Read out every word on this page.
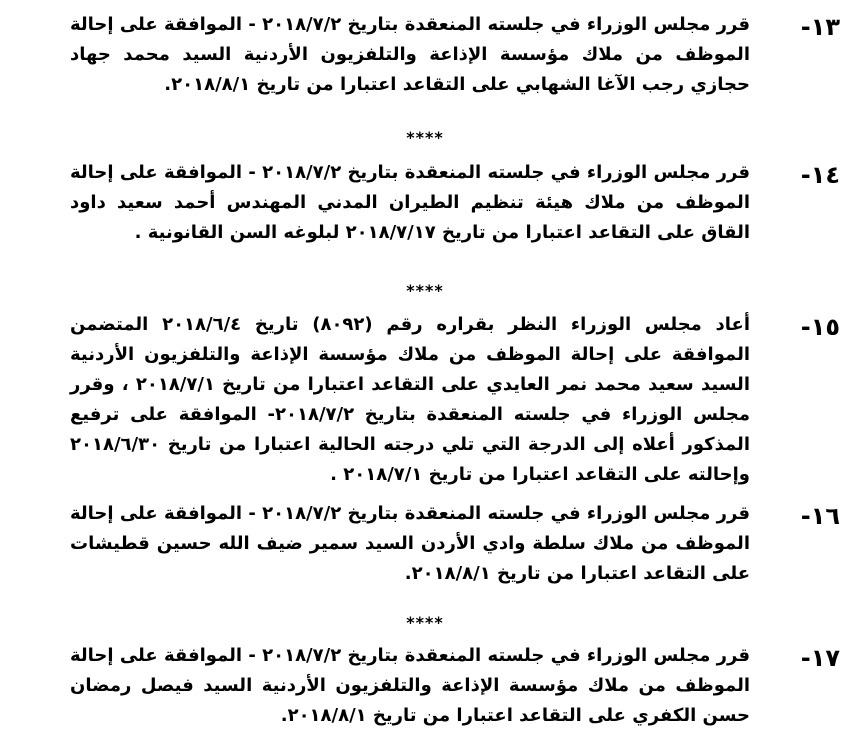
١٣-
قرر مجلس الوزراء في جلسته المنعقدة بتاريخ ٢٠١٨/٧/٢ - الموافقة على إحالة الموظف من ملاك مؤسسة الإذاعة والتلفزيون الأردنية السيد محمد جهاد حجازي رجب الآغا الشهابي على التقاعد اعتبارا من تاريخ ٢٠١٨/٨/١.
****
١٤-
قرر مجلس الوزراء في جلسته المنعقدة بتاريخ ٢٠١٨/٧/٢ - الموافقة على إحالة الموظف من ملاك هيئة تنظيم الطيران المدني المهندس أحمد سعيد داود القاق على التقاعد اعتبارا من تاريخ ٢٠١٨/٧/١٧ لبلوغه السن القانونية .
****
١٥-
أعاد مجلس الوزراء النظر بقراره رقم (٨٠٩٢) تاريخ ٢٠١٨/٦/٤ المتضمن الموافقة على إحالة الموظف من ملاك مؤسسة الإذاعة والتلفزيون الأردنية السيد سعيد محمد نمر العايدي على التقاعد اعتبارا من تاريخ ٢٠١٨/٧/١ ، وقرر مجلس الوزراء في جلسته المنعقدة بتاريخ ٢٠١٨/٧/٢- الموافقة على ترفيع المذكور أعلاه إلى الدرجة التي تلي درجته الحالية اعتبارا من تاريخ ٢٠١٨/٦/٣٠ وإحالته على التقاعد اعتبارا من تاريخ ٢٠١٨/٧/١ .
١٦-
قرر مجلس الوزراء في جلسته المنعقدة بتاريخ ٢٠١٨/٧/٢ - الموافقة على إحالة الموظف من ملاك سلطة وادي الأردن السيد سمير ضيف الله حسين قطيشات على التقاعد اعتبارا من تاريخ ٢٠١٨/٨/١.
****
١٧-
قرر مجلس الوزراء في جلسته المنعقدة بتاريخ ٢٠١٨/٧/٢ - الموافقة على إحالة الموظف من ملاك مؤسسة الإذاعة والتلفزيون الأردنية السيد فيصل رمضان حسن الكفري على التقاعد اعتبارا من تاريخ ٢٠١٨/٨/١.
